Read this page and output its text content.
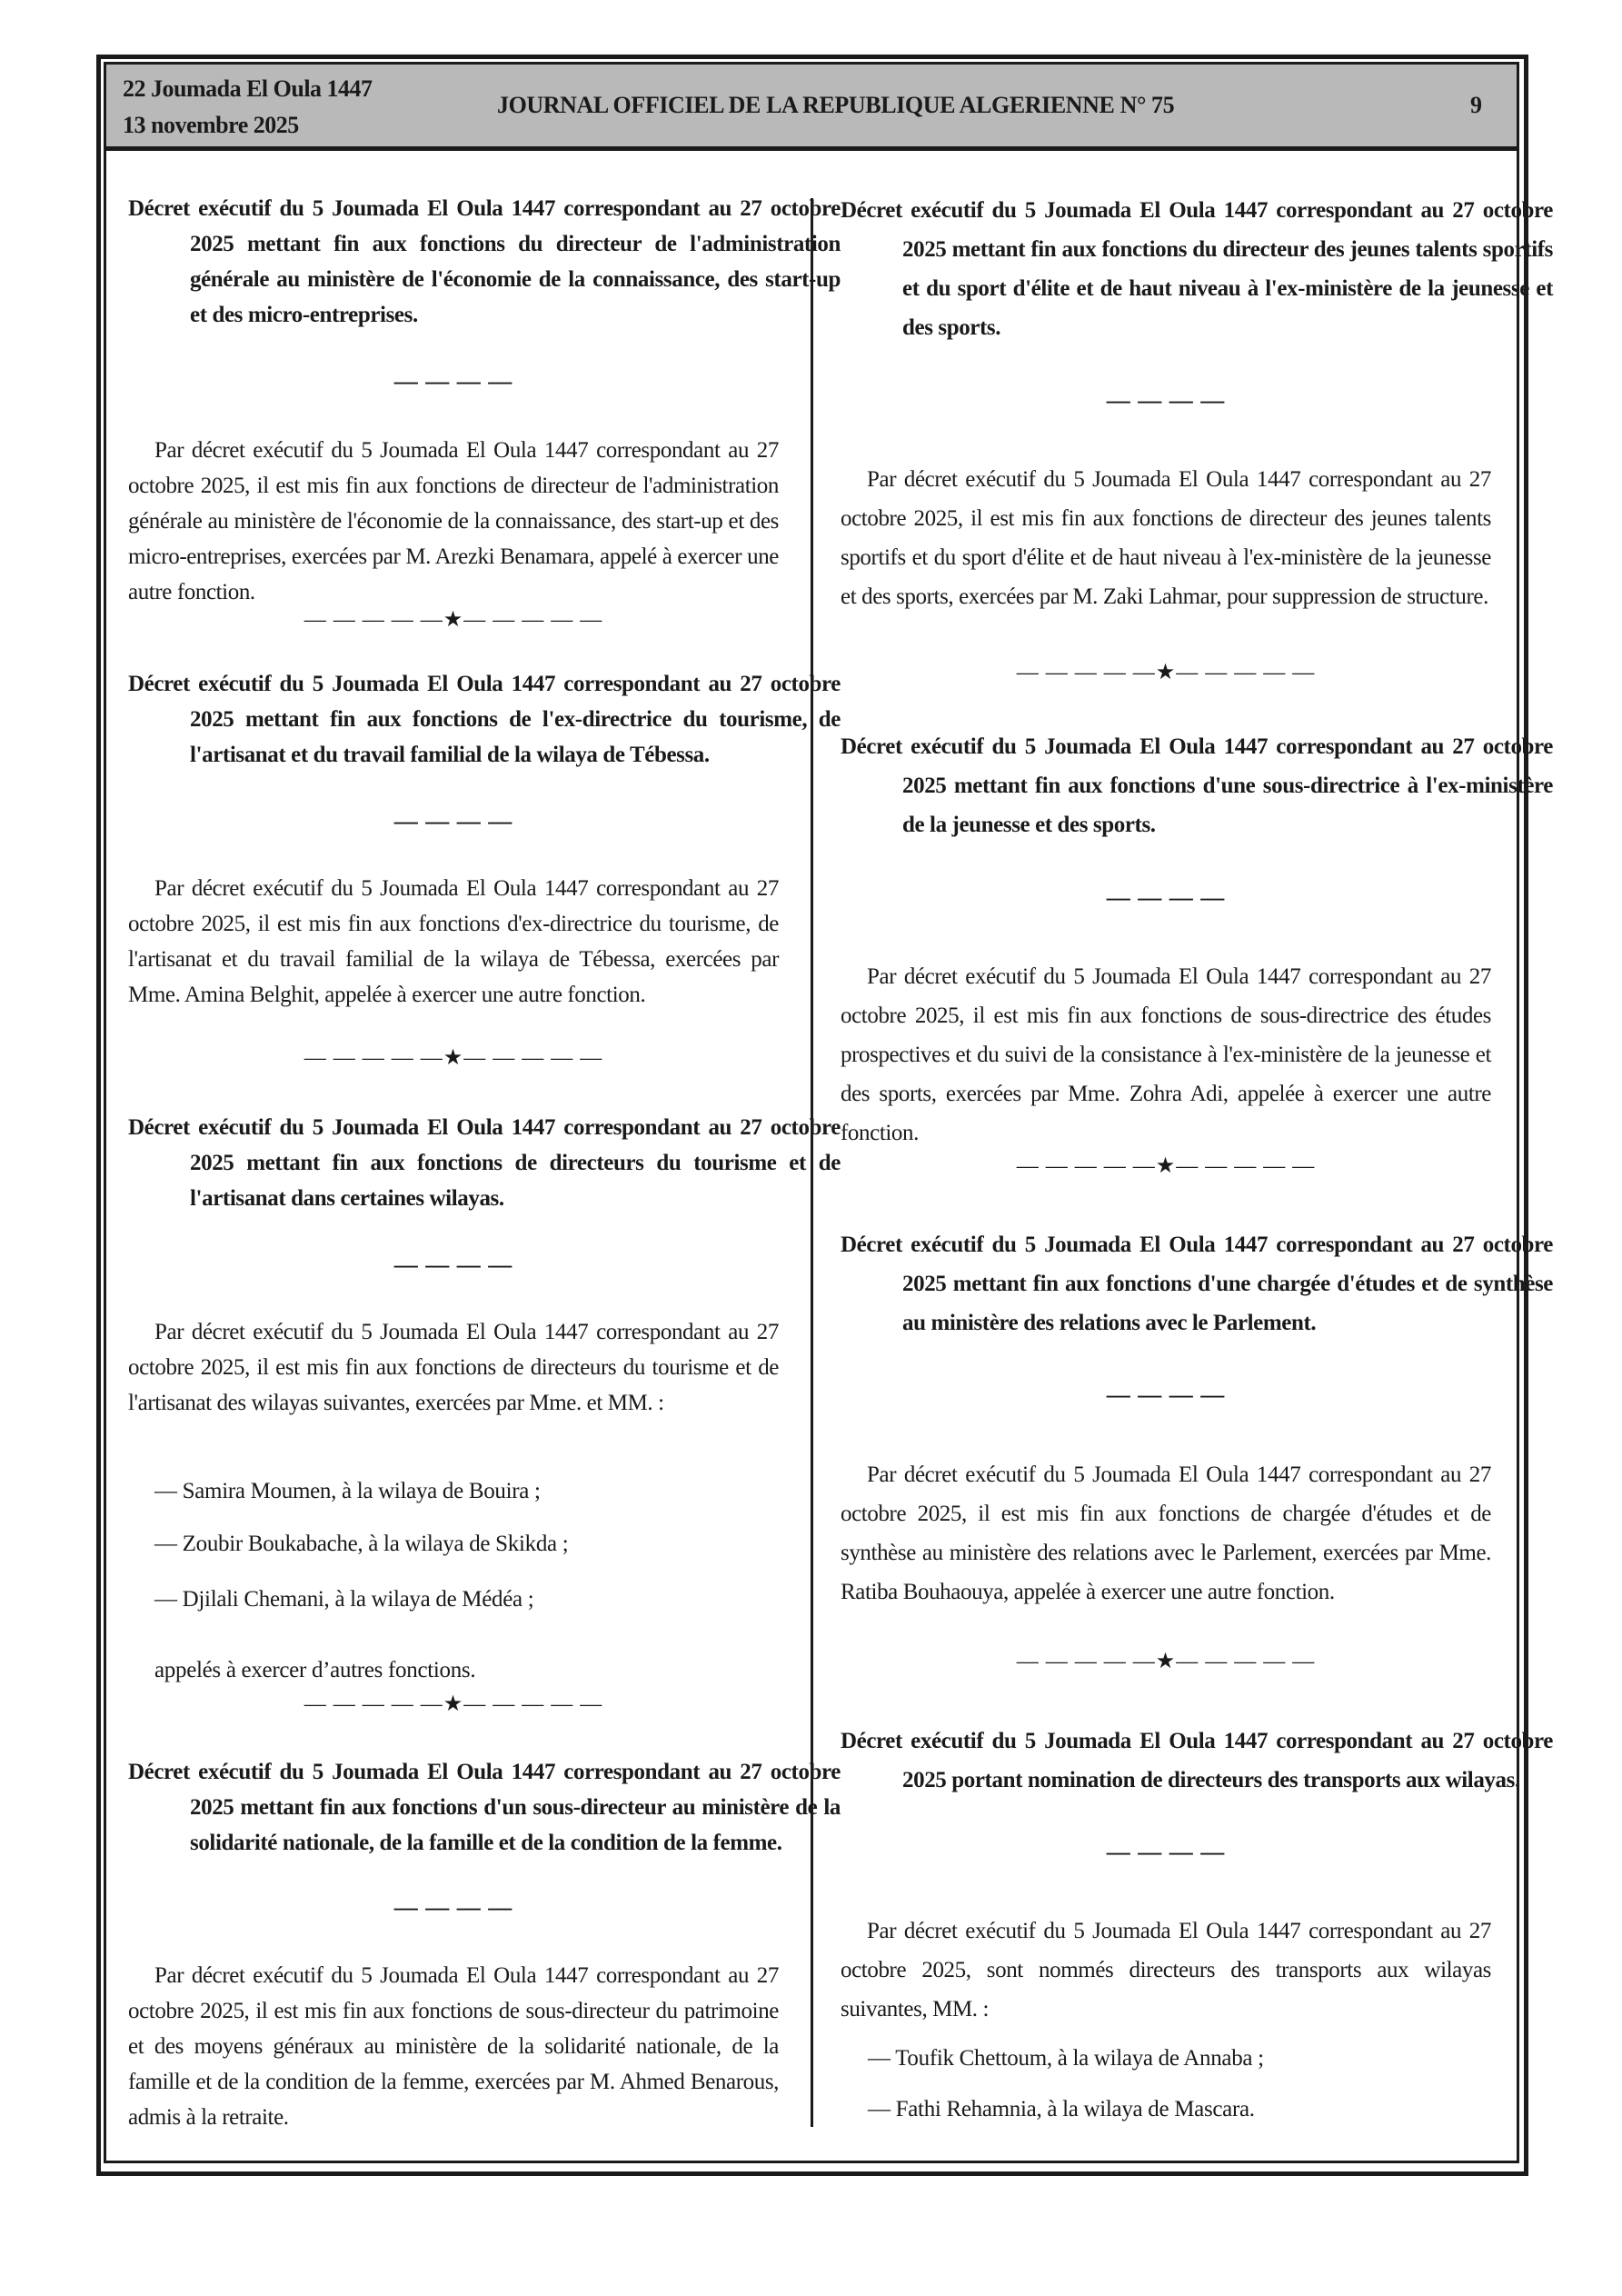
22 Joumada El Oula 1447
13 novembre 2025
JOURNAL OFFICIEL DE LA REPUBLIQUE ALGERIENNE N° 75	9
Décret exécutif du 5 Joumada El Oula 1447 correspondant au 27 octobre 2025 mettant fin aux fonctions du directeur de l'administration générale au ministère de l'économie de la connaissance, des start-up et des micro-entreprises.
— — — —
Par décret exécutif du 5 Joumada El Oula 1447 correspondant au 27 octobre 2025, il est mis fin aux fonctions de directeur de l'administration générale au ministère de l'économie de la connaissance, des start-up et des micro-entreprises, exercées par M. Arezki Benamara, appelé à exercer une autre fonction.
— — — — —★— — — — —
Décret exécutif du 5 Joumada El Oula 1447 correspondant au 27 octobre 2025 mettant fin aux fonctions de l'ex-directrice du tourisme, de l'artisanat et du travail familial de la wilaya de Tébessa.
— — — —
Par décret exécutif du 5 Joumada El Oula 1447 correspondant au 27 octobre 2025, il est mis fin aux fonctions d'ex-directrice du tourisme, de l'artisanat et du travail familial de la wilaya de Tébessa, exercées par Mme. Amina Belghit, appelée à exercer une autre fonction.
— — — — —★— — — — —
Décret exécutif du 5 Joumada El Oula 1447 correspondant au 27 octobre 2025 mettant fin aux fonctions de directeurs du tourisme et de l'artisanat dans certaines wilayas.
— — — —
Par décret exécutif du 5 Joumada El Oula 1447 correspondant au 27 octobre 2025, il est mis fin aux fonctions de directeurs du tourisme et de l'artisanat des wilayas suivantes, exercées par Mme. et MM. :
— Samira Moumen, à la wilaya de Bouira ;
— Zoubir Boukabache, à la wilaya de Skikda ;
— Djilali Chemani, à la wilaya de Médéa ;
appelés à exercer d’autres fonctions.
— — — — —★— — — — —
Décret exécutif du 5 Joumada El Oula 1447 correspondant au 27 octobre 2025 mettant fin aux fonctions d'un sous-directeur au ministère de la solidarité nationale, de la famille et de la condition de la femme.
— — — —
Par décret exécutif du 5 Joumada El Oula 1447 correspondant au 27 octobre 2025, il est mis fin aux fonctions de sous-directeur du patrimoine et des moyens généraux au ministère de la solidarité nationale, de la famille et de la condition de la femme, exercées par M. Ahmed Benarous, admis à la retraite.
Décret exécutif du 5 Joumada El Oula 1447 correspondant au 27 octobre 2025 mettant fin aux fonctions du directeur des jeunes talents sportifs et du sport d'élite et de haut niveau à l'ex-ministère de la jeunesse et des sports.
— — — —
Par décret exécutif du 5 Joumada El Oula 1447 correspondant au 27 octobre 2025, il est mis fin aux fonctions de directeur des jeunes talents sportifs et du sport d'élite et de haut niveau à l'ex-ministère de la jeunesse et des sports, exercées par M. Zaki Lahmar, pour suppression de structure.
— — — — —★— — — — —
Décret exécutif du 5 Joumada El Oula 1447 correspondant au 27 octobre 2025 mettant fin aux fonctions d'une sous-directrice à l'ex-ministère de la jeunesse et des sports.
— — — —
Par décret exécutif du 5 Joumada El Oula 1447 correspondant au 27 octobre 2025, il est mis fin aux fonctions de sous-directrice des études prospectives et du suivi de la consistance à l'ex-ministère de la jeunesse et des sports, exercées par Mme. Zohra Adi, appelée à exercer une autre fonction.
— — — — —★— — — — —
Décret exécutif du 5 Joumada El Oula 1447 correspondant au 27 octobre 2025 mettant fin aux fonctions d'une chargée d'études et de synthèse au ministère des relations avec le Parlement.
— — — —
Par décret exécutif du 5 Joumada El Oula 1447 correspondant au 27 octobre 2025, il est mis fin aux fonctions de chargée d'études et de synthèse au ministère des relations avec le Parlement, exercées par Mme. Ratiba Bouhaouya, appelée à exercer une autre fonction.
— — — — —★— — — — —
Décret exécutif du 5 Joumada El Oula 1447 correspondant au 27 octobre 2025 portant nomination de directeurs des transports aux wilayas.
— — — —
Par décret exécutif du 5 Joumada El Oula 1447 correspondant au 27 octobre 2025, sont nommés directeurs des transports aux wilayas suivantes, MM. :
— Toufik Chettoum, à la wilaya de Annaba ;
— Fathi Rehamnia, à la wilaya de Mascara.
